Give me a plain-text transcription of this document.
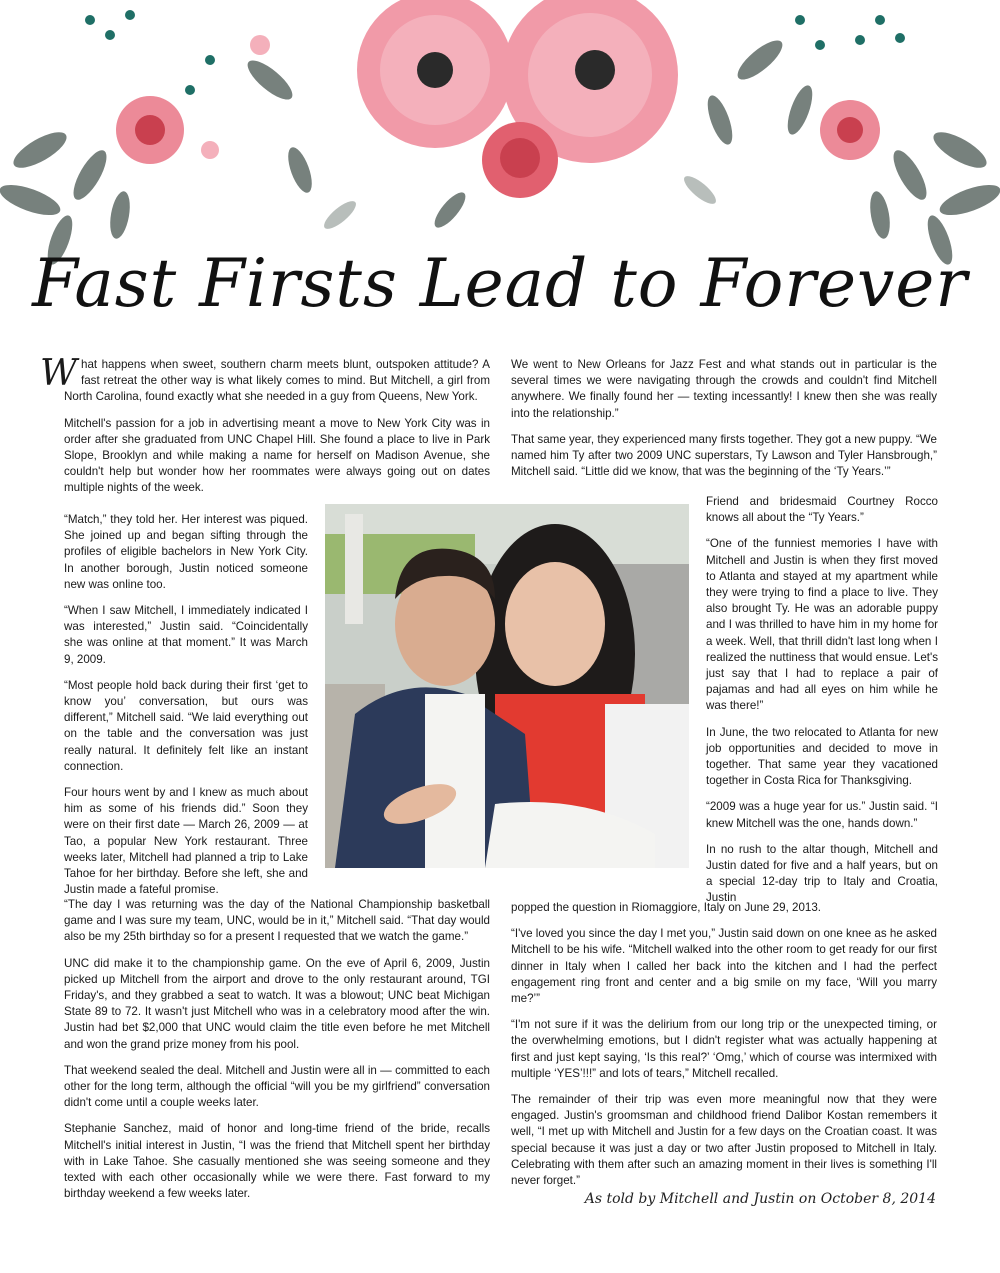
Fast Firsts Lead to Forever

What happens when sweet, southern charm meets blunt, outspoken attitude? A fast retreat the other way is what likely comes to mind. But Mitchell, a girl from North Carolina, found exactly what she needed in a guy from Queens, New York.

Mitchell's passion for a job in advertising meant a move to New York City was in order after she graduated from UNC Chapel Hill. She found a place to live in Park Slope, Brooklyn and while making a name for herself on Madison Avenue, she couldn't help but wonder how her roommates were always going out on dates multiple nights of the week.

“Match,” they told her. Her interest was piqued. She joined up and began sifting through the profiles of eligible bachelors in New York City. In another borough, Justin noticed someone new was online too.

“When I saw Mitchell, I immediately indicated I was interested,” Justin said. “Coincidentally she was online at that moment.” It was March 9, 2009.

“Most people hold back during their first ‘get to know you’ conversation, but ours was different,” Mitchell said. “We laid everything out on the table and the conversation was just really natural. It definitely felt like an instant connection.

Four hours went by and I knew as much about him as some of his friends did.” Soon they were on their first date — March 26, 2009 — at Tao, a popular New York restaurant. Three weeks later, Mitchell had planned a trip to Lake Tahoe for her birthday. Before she left, she and Justin made a fateful promise.

“The day I was returning was the day of the National Championship basketball game and I was sure my team, UNC, would be in it,” Mitchell said. “That day would also be my 25th birthday so for a present I requested that we watch the game.”

UNC did make it to the championship game. On the eve of April 6, 2009, Justin picked up Mitchell from the airport and drove to the only restaurant around, TGI Friday's, and they grabbed a seat to watch. It was a blowout; UNC beat Michigan State 89 to 72. It wasn't just Mitchell who was in a celebratory mood after the win. Justin had bet $2,000 that UNC would claim the title even before he met Mitchell and won the grand prize money from his pool.

That weekend sealed the deal. Mitchell and Justin were all in — committed to each other for the long term, although the official “will you be my girlfriend” conversation didn't come until a couple weeks later.

Stephanie Sanchez, maid of honor and long-time friend of the bride, recalls Mitchell's initial interest in Justin, “I was the friend that Mitchell spent her birthday with in Lake Tahoe. She casually mentioned she was seeing someone and they texted with each other occasionally while we were there. Fast forward to my birthday weekend a few weeks later.

We went to New Orleans for Jazz Fest and what stands out in particular is the several times we were navigating through the crowds and couldn't find Mitchell anywhere. We finally found her — texting incessantly! I knew then she was really into the relationship.”

That same year, they experienced many firsts together. They got a new puppy. “We named him Ty after two 2009 UNC superstars, Ty Lawson and Tyler Hansbrough,” Mitchell said. “Little did we know, that was the beginning of the ‘Ty Years.’”

Friend and bridesmaid Courtney Rocco knows all about the “Ty Years.”

“One of the funniest memories I have with Mitchell and Justin is when they first moved to Atlanta and stayed at my apartment while they were trying to find a place to live. They also brought Ty. He was an adorable puppy and I was thrilled to have him in my home for a week. Well, that thrill didn't last long when I realized the nuttiness that would ensue. Let's just say that I had to replace a pair of pajamas and had all eyes on him while he was there!”

In June, the two relocated to Atlanta for new job opportunities and decided to move in together. That same year they vacationed together in Costa Rica for Thanksgiving.

“2009 was a huge year for us.” Justin said. “I knew Mitchell was the one, hands down.”

In no rush to the altar though, Mitchell and Justin dated for five and a half years, but on a special 12-day trip to Italy and Croatia, Justin

popped the question in Riomaggiore, Italy on June 29, 2013.

“I've loved you since the day I met you,” Justin said down on one knee as he asked Mitchell to be his wife. “Mitchell walked into the other room to get ready for our first dinner in Italy when I called her back into the kitchen and I had the perfect engagement ring front and center and a big smile on my face, ‘Will you marry me?’”

“I'm not sure if it was the delirium from our long trip or the unexpected timing, or the overwhelming emotions, but I didn't register what was actually happening at first and just kept saying, ‘Is this real?’ ‘Omg,’ which of course was intermixed with multiple ‘YES’!!!” and lots of tears,” Mitchell recalled.

The remainder of their trip was even more meaningful now that they were engaged. Justin's groomsman and childhood friend Dalibor Kostan remembers it well, “I met up with Mitchell and Justin for a few days on the Croatian coast. It was special because it was just a day or two after Justin proposed to Mitchell in Italy. Celebrating with them after such an amazing moment in their lives is something I'll never forget.”

As told by Mitchell and Justin on October 8, 2014
